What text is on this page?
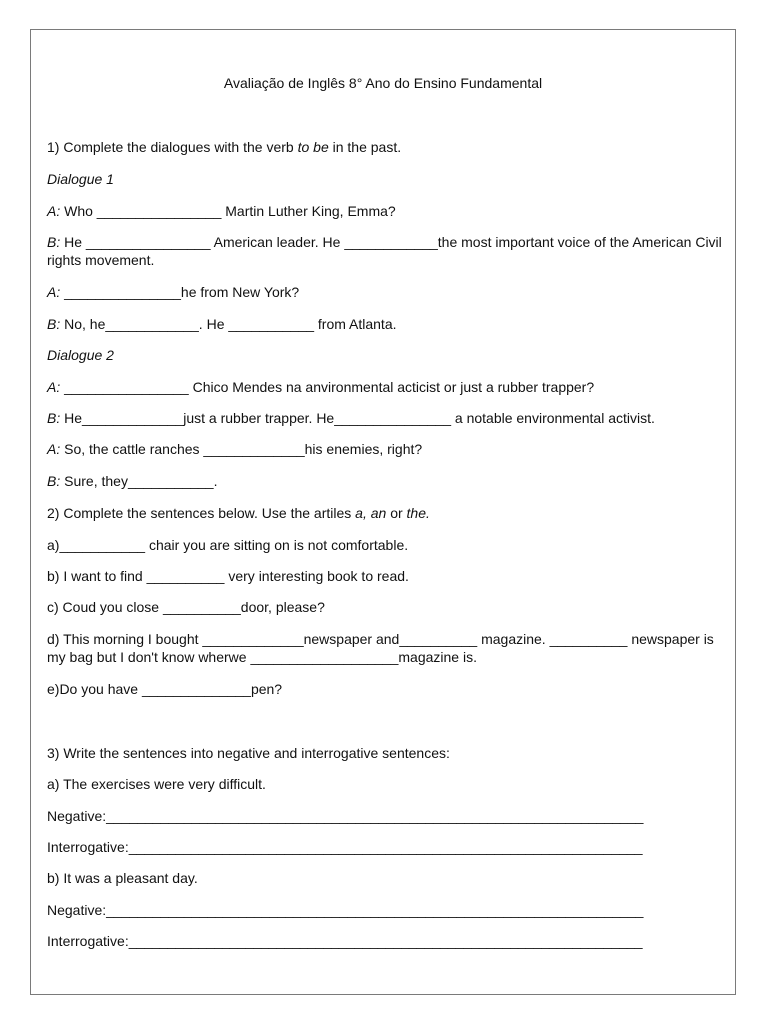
Avaliação de Inglês 8° Ano do Ensino Fundamental

1) Complete the dialogues with the verb to be in the past.

Dialogue 1

A: Who ________________ Martin Luther King, Emma?

B: He ________________ American leader. He ____________the most important voice of the American Civil rights movement.

A: _______________he from New York?

B: No, he____________. He ___________ from Atlanta.

Dialogue 2

A: ________________ Chico Mendes na anvironmental acticist or just a rubber trapper?

B: He_____________just a rubber trapper. He_______________ a notable environmental activist.

A: So, the cattle ranches _____________his enemies, right?

B: Sure, they___________.

2) Complete the sentences below. Use the artiles a, an or the.

a)___________ chair you are sitting on is not comfortable.

b) I want to find __________ very interesting book to read.

c) Coud you close __________door, please?

d) This morning I bought _____________newspaper and__________ magazine. __________ newspaper is my bag but I don't know wherwe ___________________magazine is.

e)Do you have ______________pen?

3) Write the sentences into negative and interrogative sentences:

a) The exercises were very difficult.

Negative:_____________________________________________________________________

Interrogative:__________________________________________________________________

b) It was a pleasant day.

Negative:_____________________________________________________________________

Interrogative:__________________________________________________________________
